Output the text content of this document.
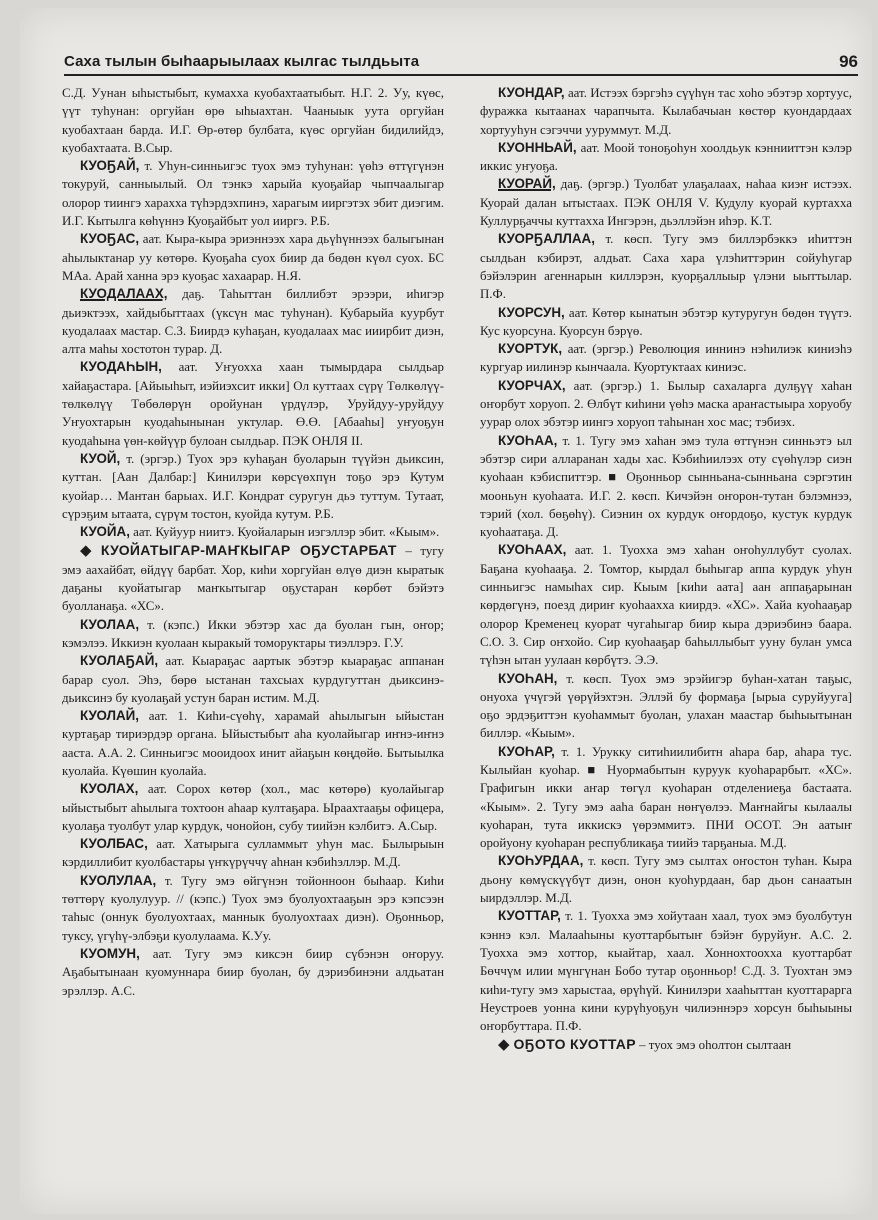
Саха тылын быһаарыылаах кылгас тылдьыта	96

С.Д. Уунан ыһыстыбыт, кумахха куобахтаатыбыт. Н.Г. 2. Уу, күөс, үүт туһунан: оргуйан өрө ыһыахтан. Чааныык уута оргуйан куобахтаан барда. И.Г. Өр-өтөр булбата, күөс оргуйан бидилийдэ, куобахтаата. В.Сыр.

КУОҔАЙ, т. Уһун-синньигэс туох эмэ туһунан: үөһэ өттүгүнэн токуруй, санныылый. Ол тэнкэ харыйа куоҕайар чыпчаалыгар олорор тиингэ харахха түһэрдэхпинэ, харагым ииргэтэх эбит диэгим. И.Г. Кытылга көһүннэ Куоҕайбыт уол ииргэ. Р.Б.

КУОҔАС, аат. Кыра-кыра эриэннээх хара дьүһүннээх балыгынан аһылыктанар уу көтөрө. Куоҕаһа суох биир да бөдөн күөл суох. БС МАа. Арай ханна эрэ куоҕас хахаарар. Н.Я.

КУОДАЛААХ, даҕ. Таһыттан биллибэт эрээри, иһигэр дьиэктээх, хайдыбыттаах (үксүн мас туһунан). Кубарыйа куурбут куодалаах мастар. С.З. Биирдэ куһаҕан, куодалаах мас ииирбит диэн, алта маһы хостотон турар. Д.

КУОДАҺЫН, аат. Уҥуохха хаан тымырдара сылдьар хайаҕастара. [Айыыһыт, иэйиэхсит икки] Ол куттаах сүрү Төлкөлүү-төлкөлүү Төбөлөрүн оройунан үрдүлэр, Уруйдуу-уруйдуу Уҥуохтарын куодаһынынан уктулар. Ө.Ө. [Абааһы] уҥуоҕун куодаһына үөн-көйүүр булоан сылдьар. ПЭК ОНЛЯ II.

КУОЙ, т. (эргэр.) Туох эрэ куһаҕан буоларын түүйэн дьиксин, куттан. [Аан Далбар:] Кинилэри көрсүөхпүн тоҕо эрэ Кутум куойар… Мантан барыах. И.Г. Кондрат суругун дьэ туттум. Тутаат, сүрэҕим ытаата, сүрүм тостон, куойда кутум. Р.Б.

КУОЙА, аат. Куйуур ниитэ. Куойаларын иэгэллэр эбит. «Кыым».

◆ КУОЙАТЫГАР-МАҤКЫГАР ОҔУСТАРБАТ – тугу эмэ аахайбат, өйдүү барбат. Хор, киһи хоргуйан өлүө диэн кыратык даҕаны куойатыгар маҥкытыгар оҕустаран көрбөт бэйэтэ буолланаҕа. «ХС».

КУОЛАА, т. (кэпс.) Икки эбэтэр хас да буолан гын, оҥор; кэмэлээ. Иккиэн куолаан кыракый томоруктары тиэллэрэ. Г.У.

КУОЛАҔАЙ, аат. Кыараҕас аартык эбэтэр кыараҕас аппанан барар суол. Эһэ, бөрө ыстанан тахсыах курдугуттан дьиксинэ-дьиксинэ бу куолаҕай устун баран истим. М.Д.

КУОЛАЙ, аат. 1. Киһи-сүөһү, харамай аһылыгын ыйыстан куртаҕар тириэрдэр органа. Ыйыстыбыт аһа куолайыгар иҥнэ-иҥнэ ааста. А.А. 2. Синньигэс мооидоох инит айаҕын көңдөйө. Бытыылка куолайа. Күөшин куолайа.

КУОЛАХ, аат. Сорох көтөр (хол., мас көтөрө) куолайыгар ыйыстыбыт аһылыга тохтоон аһаар култаҕара. Ыраахтааҕы офицера, куолаҕа туолбут улар курдук, чонойон, субу тиийэн кэлбитэ. А.Сыр.

КУОЛБАС, аат. Хатырыга сулламмыт уһун мас. Былырыын кэрдиллибит куолбастары үҥкүрүччү аһнан кэбиһэллэр. М.Д.

КУОЛУЛАА, т. Тугу эмэ өйгүнэн тойонноон быһаар. Киһи төттөрү куолулуур. // (кэпс.) Туох эмэ буолуохтааҕын эрэ кэпсээн таһыс (оннук буолуохтаах, маннык буолуохтаах диэн). Оҕонньор, туксу, үгүһү-элбэҕи куолулаама. К.Уу.

КУОМУН, аат. Тугу эмэ киксэн биир сүбэнэн оҥоруу. Аҕабытынаан куомуннара биир буолан, бу дэриэбинэни алдьатан эрэллэр. А.С.

КУОНДАР, аат. Истээх бэргэһэ сүүһүн тас хоһо эбэтэр хортууc, фуражка кытаанах чарапчыта. Кылабачыан көстөр куондардаах хортууһун сэгэччи ууруммут. М.Д.

КУОННЬАЙ, аат. Моой тоноҕоһун хоолдьук кэннииттэн кэлэр иккис уҥуоҕа.

КУОРАЙ, даҕ. (эргэр.) Туолбат улаҕалаах, наһаа киэҥ истээх. Куорай далан ытыстаах. ПЭК ОНЛЯ V. Кудулу куорай куртахха Куллурҕаччы куттахха Ингэрэн, дьэллэйэн иһэр. К.Т.

КУОРҔАЛЛАА, т. көсп. Тугу эмэ биллэрбэккэ иһиттэн сылдьан кэбирэт, алдьат. Саха хара үлэһиттэрин сойуһугар бэйэлэрин агеннарын киллэрэн, куорҕаллыыр үлэни ыыттылар. П.Ф.

КУОРСУН, аат. Көтөр кынатын эбэтэр кутуругун бөдөн түүтэ. Кус куорсуна. Куорсун бэрүө.

КУОРТУК, аат. (эргэр.) Революция иннинэ нэһилиэк киниэһэ кургуар иилинэр кынчаала. Куортуктаах киниэс.

КУОРЧАХ, аат. (эргэр.) 1. Былыр сахаларга дулҕүү хаһан оҥорбут хоруоп. 2. Өлбүт киһини үөһэ маска араҥастыыра хоруобу уурар олох эбэтэр иингэ хоруоп таһынан хос мас; тэбиэх.

КУОҺАА, т. 1. Тугу эмэ хаһан эмэ тула өттүнэн синньэтэ ыл эбэтэр сири алларанан хады хас. Кэбиһиилээх оту сүөһүлэр сиэн куоһаан кэбиспиттэр. ■ Оҕонньор сынньана-сынньана сэргэтин мооньун куоһаата. И.Г. 2. көсп. Кичэйэн оҥорон-тутан бэлэмнээ, тэрий (хол. бөҕөһү). Сиэнин ох курдук оҥордоҕо, кустук курдук куоһаатаҕа. Д.

КУОҺААХ, аат. 1. Туохха эмэ хаһан оҥоһуллубут суолах. Баҕана куоһааҕа. 2. Томтор, кырдал быһыгар аппа курдук уһун синньигэс намыһах сир. Кыым [киһи аата] аан аппаҕарынан көрдөгүнэ, поезд дириҥ куоһаахха киирдэ. «ХС». Хайа куоһааҕар олорор Кременец куорат чугаһыгар биир кыра дэриэбинэ баара. С.О. 3. Сир оҥхойо. Сир куоһааҕар баһыллыбыт ууну булан умса түһэн ытан уулаан көрбүтэ. Э.Э.

КУОҺАН, т. көсп. Туох эмэ эрэйигэр буһан-хатан таҕыс, онуоха үчүгэй үөрүйэхтэн. Эллэй бу формаҕа [ырыа суруйууга] оҕо эрдэҕиттэн куоһаммыт буолан, улахан маастар быһыытынан биллэр. «Кыым».

КУОҺАР, т. 1. Урукку ситиһиилибитн аһара бар, аһара тус. Кылыйан куоһар. ■ Нуормабытын куруук куоһарарбыт. «ХС». Графигын икки аҥар төгүл куоһаран отделениеҕа бастаата. «Кыым». 2. Тугу эмэ ааһа баран нөҥүөлээ. Маҥнайгы кылаалы куоһаран, тута иккискэ үөрэммитэ. ПНИ ОСОТ. Эн аатыҥ оройуону куоһаран республикаҕа тиийэ тарҕаныа. М.Д.

КУОҺУРДАА, т. көсп. Тугу эмэ сылтах оҥостон туһан. Кыра дьону көмүскүүбүт диэн, онон куоһурдаан, бар дьон санаатын ыирдэллэр. М.Д.

КУОТТАР, т. 1. Туохха эмэ хойутаан хаал, туох эмэ буолбутун кэннэ кэл. Малааһыны куоттарбытыҥ бэйэҥ буруйуҥ. А.С. 2. Туохха эмэ хоттор, кыайтар, хаал. Хоннохтоохха куоттарбат Бөччүм илии мүнгүнан Бобо тутар оҕонньор! С.Д. 3. Туохтан эмэ киһи-тугу эмэ харыстаа, өрүһүй. Кинилэри хааһыттан куоттарарга Неустроев уонна кини курүһуоҕун чилиэннэрэ хорсун быһыыны оҥорбуттара. П.Ф.

◆ ОҔОТО КУОТТАР – туох эмэ оһолтон сылтаан
